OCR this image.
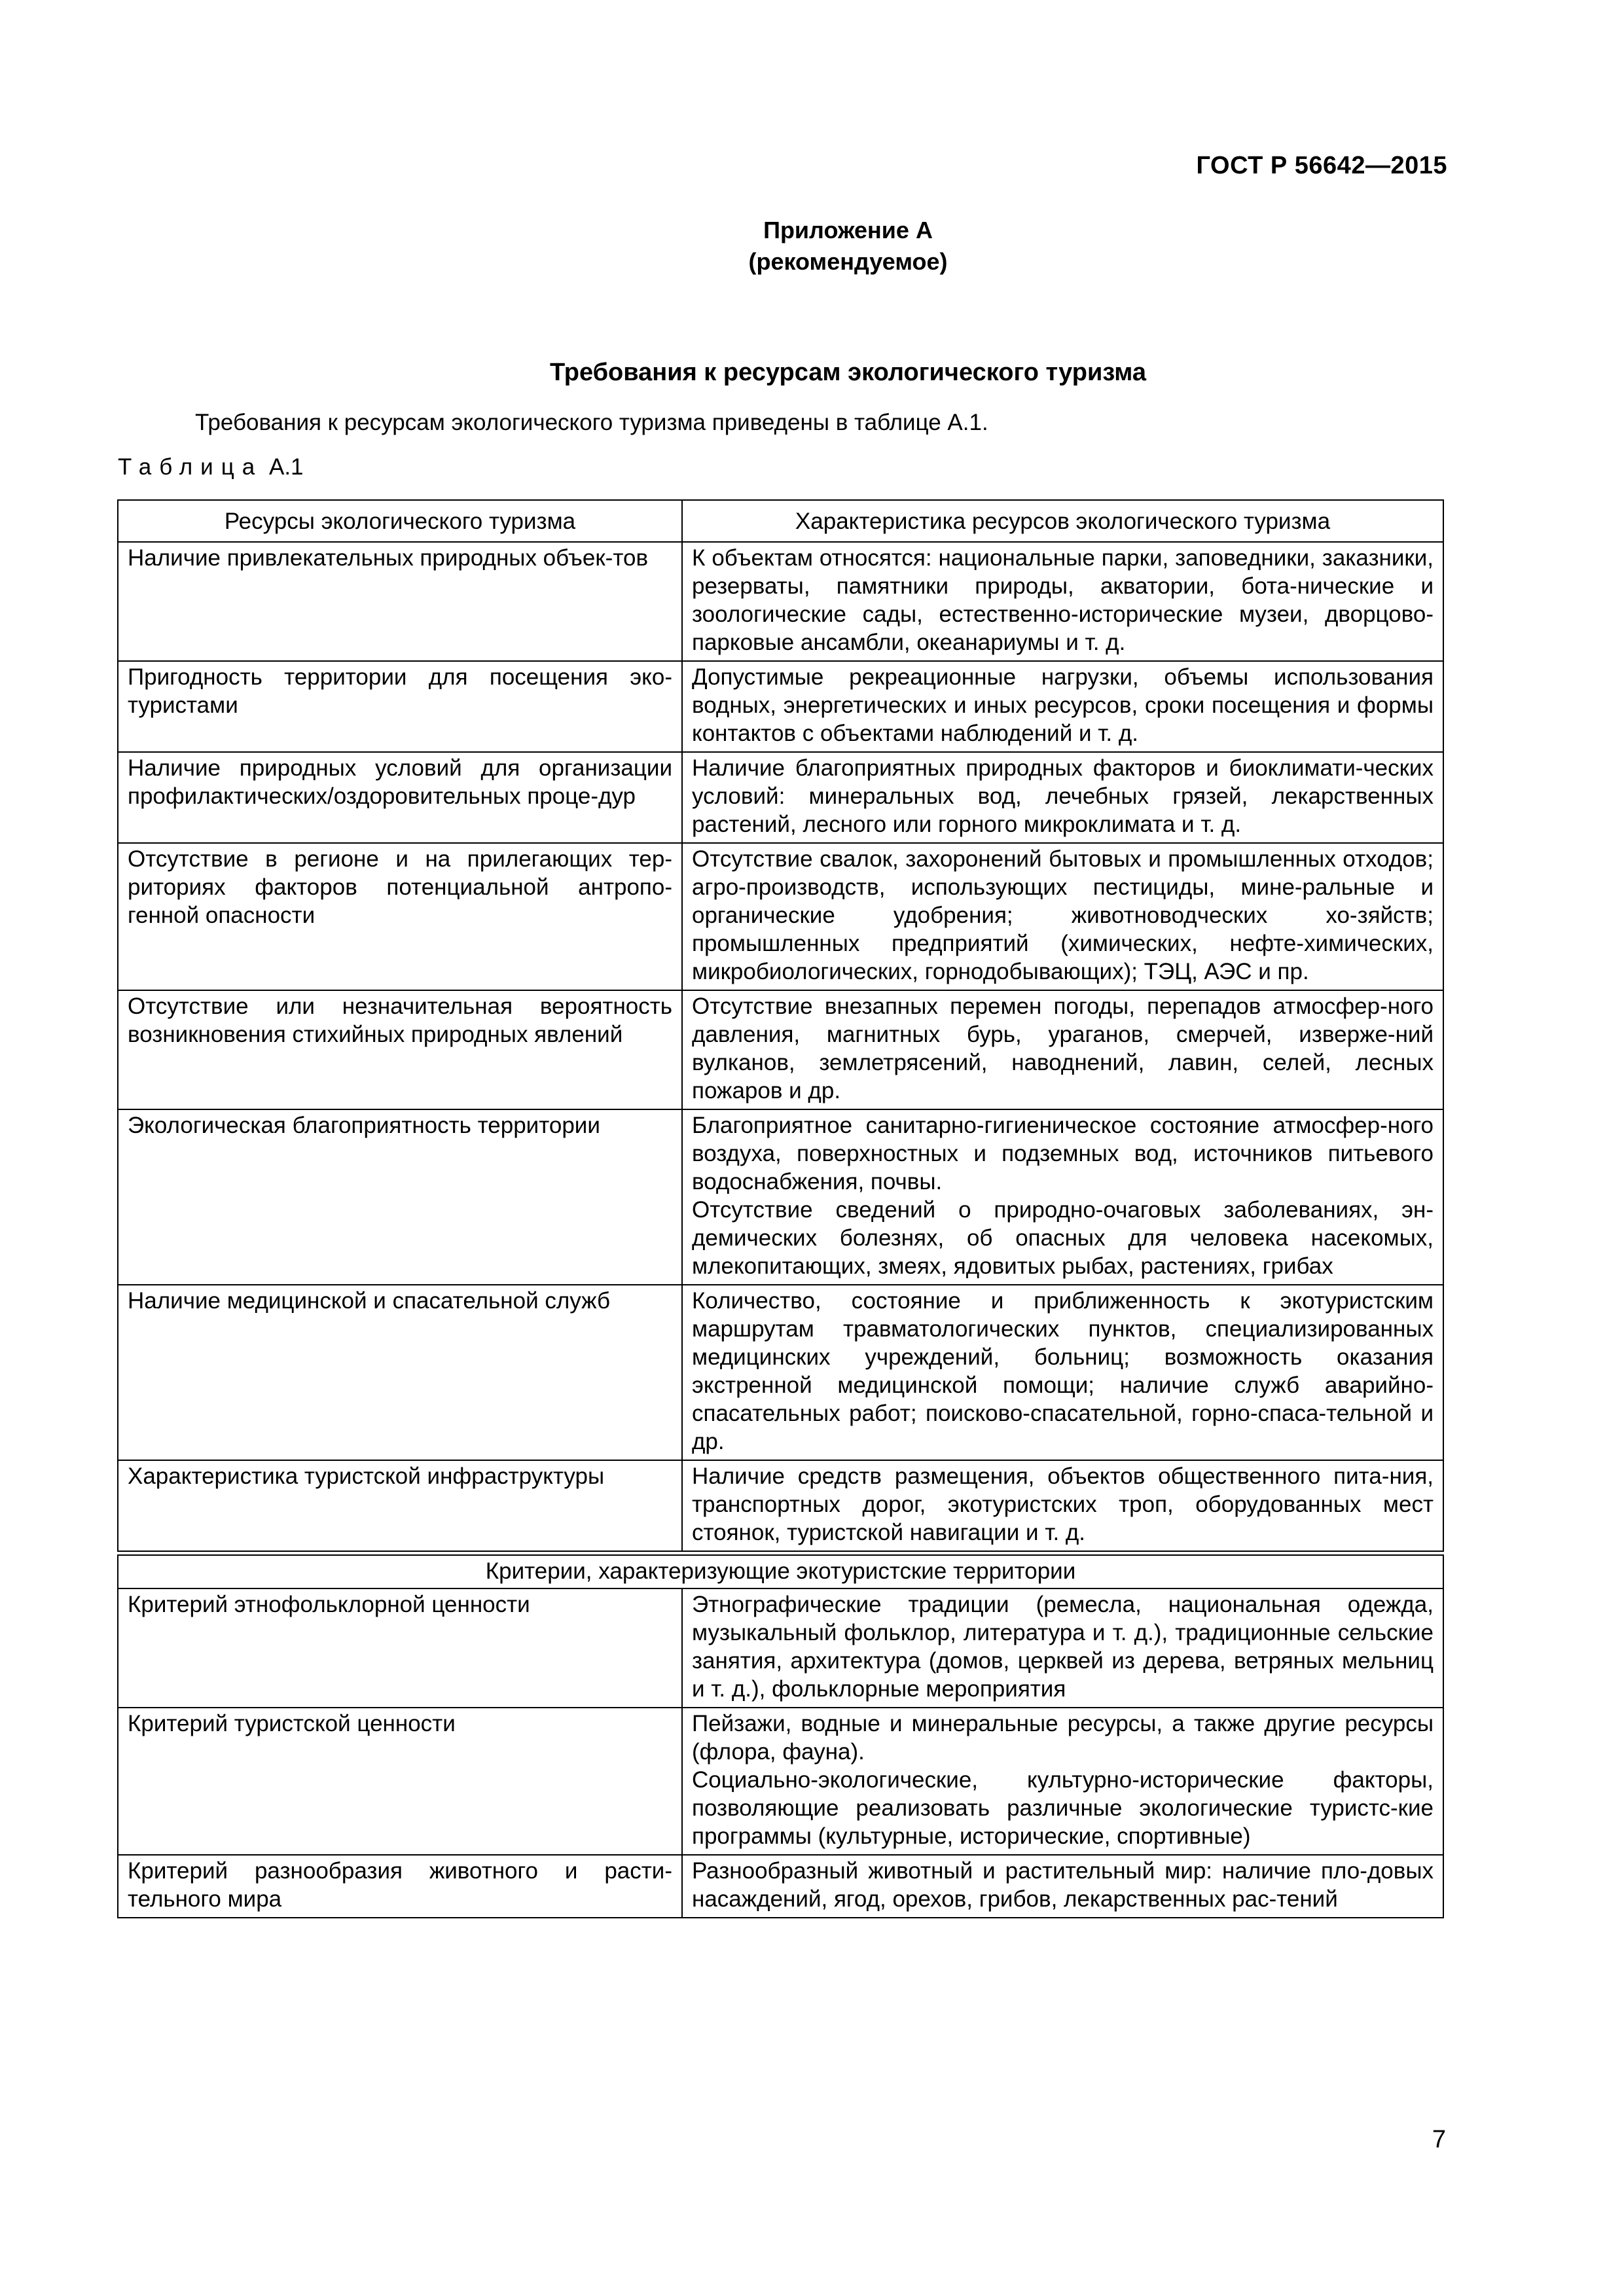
ГОСТ Р 56642—2015
Приложение А
(рекомендуемое)
Требования к ресурсам экологического туризма
Требования к ресурсам экологического туризма приведены в таблице А.1.
Таблица А.1
Ресурсы экологического туризма	Характеристика ресурсов экологического туризма
Наличие привлекательных природных объек-тов	К объектам относятся: национальные парки, заповедники, заказники, резерваты, памятники природы, акватории, бота-нические и зоологические сады, естественно-исторические музеи, дворцово-парковые ансамбли, океанариумы и т. д.

Пригодность территории для посещения эко-туристами	Допустимые рекреационные нагрузки, объемы использования водных, энергетических и иных ресурсов, сроки посещения и формы контактов с объектами наблюдений и т. д.

Наличие природных условий для организации профилактических/оздоровительных проце-дур	Наличие благоприятных природных факторов и биоклимати-ческих условий: минеральных вод, лечебных грязей, лекарственных растений, лесного или горного микроклимата и т. д.

Отсутствие в регионе и на прилегающих тер-риториях факторов потенциальной антропо-генной опасности	Отсутствие свалок, захоронений бытовых и промышленных отходов; агро-производств, использующих пестициды, мине-ральные и органические удобрения; животноводческих хо-зяйств; промышленных предприятий (химических, нефте-химических, микробиологических, горнодобывающих); ТЭЦ, АЭС и пр.

Отсутствие или незначительная вероятность возникновения стихийных природных явлений	Отсутствие внезапных перемен погоды, перепадов атмосфер-ного давления, магнитных бурь, ураганов, смерчей, изверже-ний вулканов, землетрясений, наводнений, лавин, селей, лесных пожаров и др.

Экологическая благоприятность территории	Благоприятное санитарно-гигиеническое состояние атмосфер-ного воздуха, поверхностных и подземных вод, источников питьевого водоснабжения, почвы.
Отсутствие сведений о природно-очаговых заболеваниях, эн-демических болезнях, об опасных для человека насекомых, млекопитающих, змеях, ядовитых рыбах, растениях, грибах

Наличие медицинской и спасательной служб	Количество, состояние и приближенность к экотуристским маршрутам травматологических пунктов, специализированных медицинских учреждений, больниц; возможность оказания экстренной медицинской помощи; наличие служб аварийно-спасательных работ; поисково-спасательной, горно-спаса-тельной и др.

Характеристика туристской инфраструктуры	Наличие средств размещения, объектов общественного пита-ния, транспортных дорог, экотуристских троп, оборудованных мест стоянок, туристской навигации и т. д.

Критерии, характеризующие экотуристские территории	
Критерий этнофольклорной ценности	Этнографические традиции (ремесла, национальная одежда, музыкальный фольклор, литература и т. д.), традиционные сельские занятия, архитектура (домов, церквей из дерева, ветряных мельниц и т. д.), фольклорные мероприятия

Критерий туристской ценности	Пейзажи, водные и минеральные ресурсы, а также другие ресурсы (флора, фауна).
Социально-экологические, культурно-исторические факторы, позволяющие реализовать различные экологические туристс-кие программы (культурные, исторические, спортивные)

Критерий разнообразия животного и расти-тельного мира	Разнообразный животный и растительный мир: наличие пло-довых насаждений, ягод, орехов, грибов, лекарственных рас-тений
7
